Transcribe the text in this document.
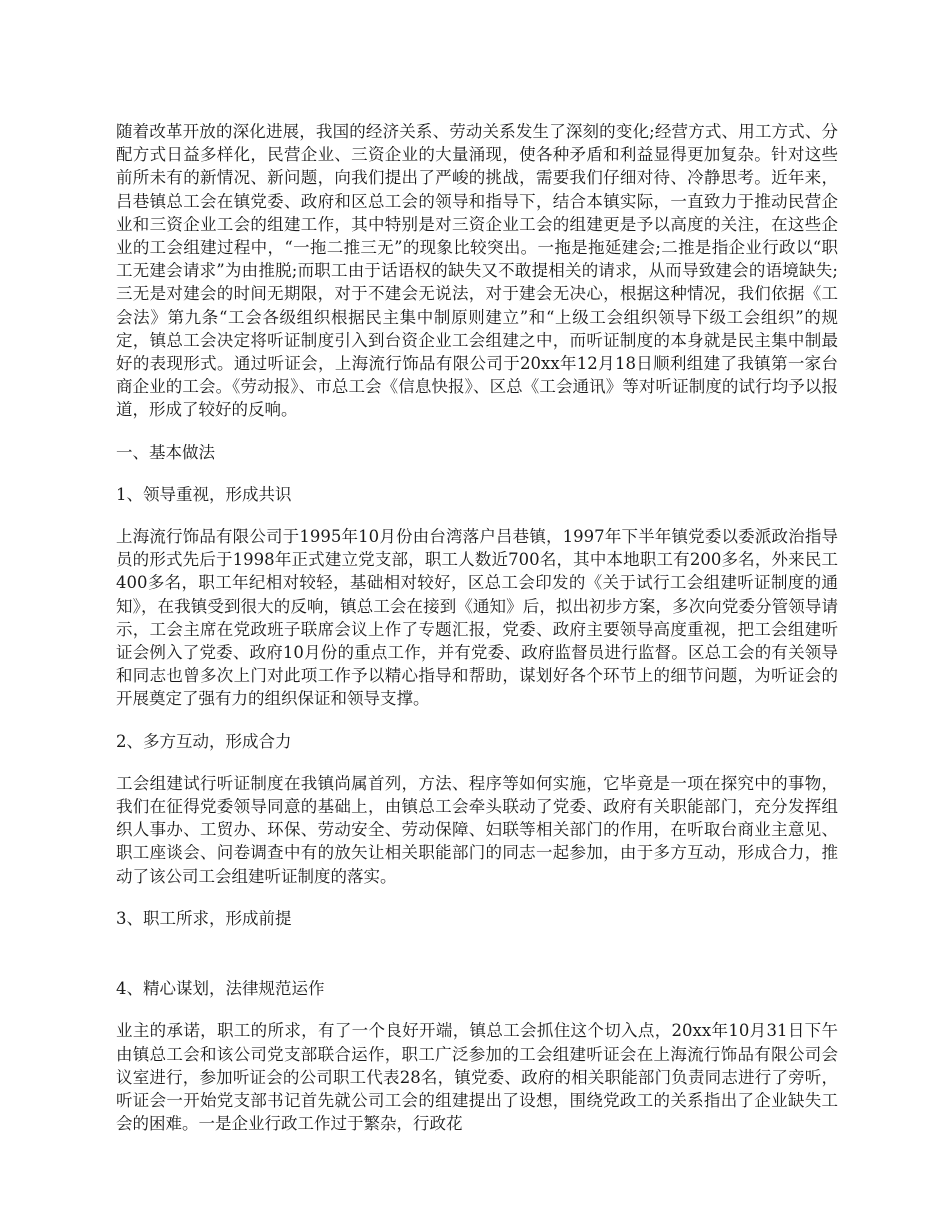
随着改革开放的深化进展，我国的经济关系、劳动关系发生了深刻的变化;经营方式、用工方式、分配方式日益多样化，民营企业、三资企业的大量涌现，使各种矛盾和利益显得更加复杂。针对这些前所未有的新情况、新问题，向我们提出了严峻的挑战，需要我们仔细对待、冷静思考。近年来，吕巷镇总工会在镇党委、政府和区总工会的领导和指导下，结合本镇实际，一直致力于推动民营企业和三资企业工会的组建工作，其中特别是对三资企业工会的组建更是予以高度的关注，在这些企业的工会组建过程中，“一拖二推三无”的现象比较突出。一拖是拖延建会;二推是指企业行政以“职工无建会请求”为由推脱;而职工由于话语权的缺失又不敢提相关的请求，从而导致建会的语境缺失;三无是对建会的时间无期限，对于不建会无说法，对于建会无决心，根据这种情况，我们依据《工会法》第九条“工会各级组织根据民主集中制原则建立”和“上级工会组织领导下级工会组织”的规定，镇总工会决定将听证制度引入到台资企业工会组建之中，而听证制度的本身就是民主集中制最好的表现形式。通过听证会，上海流行饰品有限公司于20xx年12月18日顺利组建了我镇第一家台商企业的工会。《劳动报》、市总工会《信息快报》、区总《工会通讯》等对听证制度的试行均予以报道，形成了较好的反响。

一、基本做法

1、领导重视，形成共识

上海流行饰品有限公司于1995年10月份由台湾落户吕巷镇，1997年下半年镇党委以委派政治指导员的形式先后于1998年正式建立党支部，职工人数近700名，其中本地职工有200多名，外来民工400多名，职工年纪相对较轻，基础相对较好，区总工会印发的《关于试行工会组建听证制度的通知》，在我镇受到很大的反响，镇总工会在接到《通知》后，拟出初步方案，多次向党委分管领导请示，工会主席在党政班子联席会议上作了专题汇报，党委、政府主要领导高度重视，把工会组建听证会例入了党委、政府10月份的重点工作，并有党委、政府监督员进行监督。区总工会的有关领导和同志也曾多次上门对此项工作予以精心指导和帮助，谋划好各个环节上的细节问题，为听证会的开展奠定了强有力的组织保证和领导支撑。

2、多方互动，形成合力

工会组建试行听证制度在我镇尚属首列，方法、程序等如何实施，它毕竟是一项在探究中的事物，我们在征得党委领导同意的基础上，由镇总工会牵头联动了党委、政府有关职能部门，充分发挥组织人事办、工贸办、环保、劳动安全、劳动保障、妇联等相关部门的作用，在听取台商业主意见、职工座谈会、问卷调查中有的放矢让相关职能部门的同志一起参加，由于多方互动，形成合力，推动了该公司工会组建听证制度的落实。

3、职工所求，形成前提

4、精心谋划，法律规范运作

业主的承诺，职工的所求，有了一个良好开端，镇总工会抓住这个切入点，20xx年10月31日下午由镇总工会和该公司党支部联合运作，职工广泛参加的工会组建听证会在上海流行饰品有限公司会议室进行，参加听证会的公司职工代表28名，镇党委、政府的相关职能部门负责同志进行了旁听，听证会一开始党支部书记首先就公司工会的组建提出了设想，围绕党政工的关系指出了企业缺失工会的困难。一是企业行政工作过于繁杂，行政花
